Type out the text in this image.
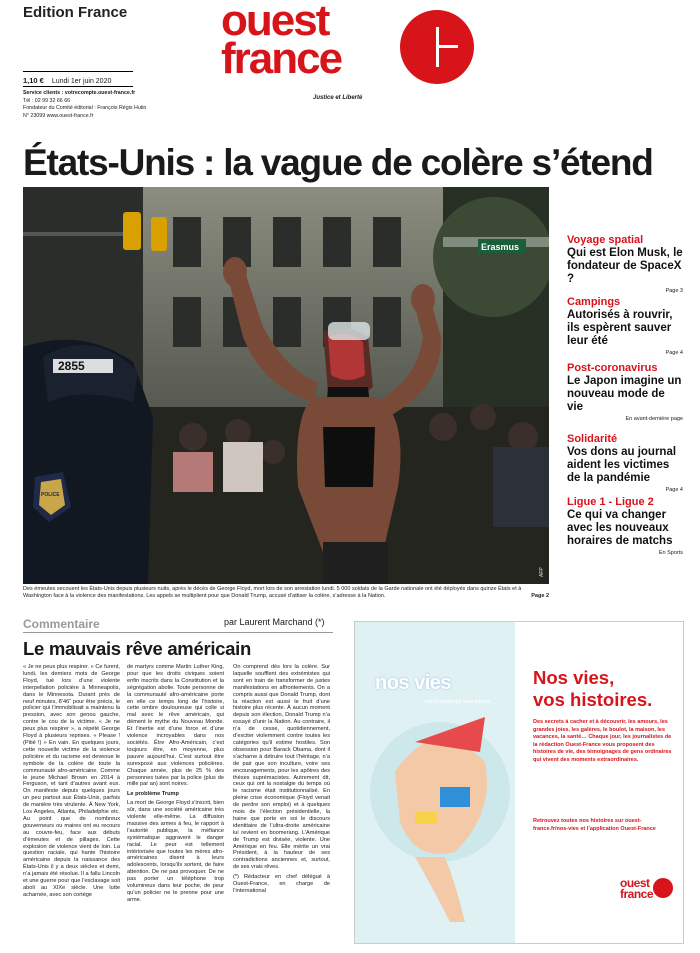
Edition France ouest
france
Justice et Liberté
1,10 € Lundi 1er juin 2020
Service clients : votrecompte.ouest-france.fr
Tél : 02 99 32 66 66
Fondateur du Comité éditorial : François Régis Hutin
N° 23099 www.ouest-france.fr
États-Unis : la vague de colère s’étend
Erasmus
2855
POLICE
AFP
Des émeutes secouent les États-Unis depuis plusieurs nuits, après le décès de George Floyd, mort lors de son arrestation lundi. 5 000 soldats de la Garde nationale ont été déployés dans quinze États et à Washington face à la violence des manifestations. Les appels se multiplient pour que Donald Trump, accusé d’attiser la colère, s’adresse à la Nation.	Page 2
Voyage spatial
Qui est Elon Musk, le fondateur de SpaceX ?
Page 3
Campings
Autorisés à rouvrir, ils espèrent sauver leur été
Page 4
Post-coronavirus
Le Japon imagine un nouveau mode de vie
En avant-dernière page
Solidarité
Vos dons au journal aident les victimes de la pandémie
Page 4
Ligue 1 - Ligue 2
Ce qui va changer avec les nouveaux horaires de matchs
En Sports
Commentaire	par Laurent Marchand (*)
Le mauvais rêve américain
« Je ne peux plus respirer. » Ce furent, lundi, les derniers mots de George Floyd, tué lors d’une violente interpellation policière à Minneapolis, dans le Minnesota. Durant près de neuf minutes, 8’46” pour être précis, le policier qui l’immobilisait a maintenu la pression, avec son genou gauche, contre le cou de la victime. « Je ne peux plus respirer », a répété George Floyd à plusieurs reprises. « Please ! (Pitié !) » En vain. En quelques jours, cette nouvelle victime de la violence policière et du racisme est devenue le symbole de la colère de toute la communauté afro-américaine. Comme le jeune Michael Brown en 2014 à Ferguson, et tant d’autres avant eux. On manifeste depuis quelques jours un peu partout aux États-Unis, parfois de manière très virulente. À New York, Los Angeles, Atlanta, Philadelphie etc. Au point que de nombreux gouverneurs ou maires ont eu recours au couvre-feu, face aux débuts d’émeutes et de pillages. Cette explosion de violence vient de loin. La question raciale, qui hante l’histoire américaine depuis la naissance des États-Unis il y a deux siècles et demi, n’a jamais été résolue. Il a fallu Lincoln et une guerre pour que l’esclavage soit aboli au XIXe siècle. Une lutte acharnée, avec son cortège
de martyrs comme Martin Luther King, pour que les droits civiques soient enfin inscrits dans la Constitution et la ségrégation abolie. Toute personne de la communauté afro-américaine porte en elle ce temps long de l’histoire, cette ombre douloureuse qui colle si mal avec le rêve américain, qui dément le mythe du Nouveau Monde. Et l’inertie est d’une force et d’une violence incroyables dans nos sociétés. Être Afro-Américain, c’est toujours être, en moyenne, plus pauvre aujourd’hui. C’est surtout être surexposé aux violences policières. Chaque année, plus de 25 % des personnes tuées par la police (plus de mille par an) sont noires.
Le problème Trump
La mort de George Floyd s’inscrit, bien sûr, dans une société américaine très violente elle-même. La diffusion massive des armes à feu, le rapport à l’autorité publique, la méfiance systématique aggravent le danger racial. Le peur est tellement intériorisée que toutes les mères afro-américaines disent à leurs adolescents, lorsqu’ils sortent, de faire attention. De ne pas provoquer. De ne pas porter un téléphone trop volumineux dans leur poche, de peur qu’un policier ne le prenne pour une arme.
On comprend dès lors la colère. Sur laquelle soufflent des extrémistes qui sont en train de transformer de justes manifestations en affrontements. On a compris aussi que Donald Trump, dont la réaction est aussi le fruit d’une histoire plus récente. À aucun moment depuis son élection, Donald Trump n’a essayé d’unir la Nation. Au contraire, il n’a de cesse, quotidiennement, d’exciter violemment contre toutes les catégories qu’il estime hostiles. Son obsession pour Barack Obama, dont il s’acharne à détruire tout l’héritage, n’a de pair que son inculture, voire ses encouragements, pour les apôtres des thèses suprémacistes. Autrement dit, ceux qui ont la nostalgie du temps où le racisme était institutionnalisé. En pleine crise économique (Floyd venait de perdre son emploi) et à quelques mois de l’élection présidentielle, la haine que porte en soi le discours identitaire de l’ultra-droite américaine lui revient en boomerang. L’Amérique de Trump est divisée, violente. Une Amérique en feu. Elle mérite un vrai Président, à la hauteur de ses contradictions anciennes et, surtout, de ses vrais rêves.
(*) Rédacteur en chef délégué à Ouest-France, en charge de l’international
nos vies
nos histoires qui nous parlent
Nos vies,
vos histoires.
Des secrets à cacher et à découvrir, les amours, les grandes joies, les galères, le boulot, la maison, les vacances, la santé… Chaque jour, les journalistes de la rédaction Ouest-France vous proposent des histoires de vie, des témoignages de gens ordinaires qui vivent des moments extraordinaires.
Retrouvez toutes nos histoires sur ouest-france.fr/nos-vies et l’application Ouest-France
ouest
france
